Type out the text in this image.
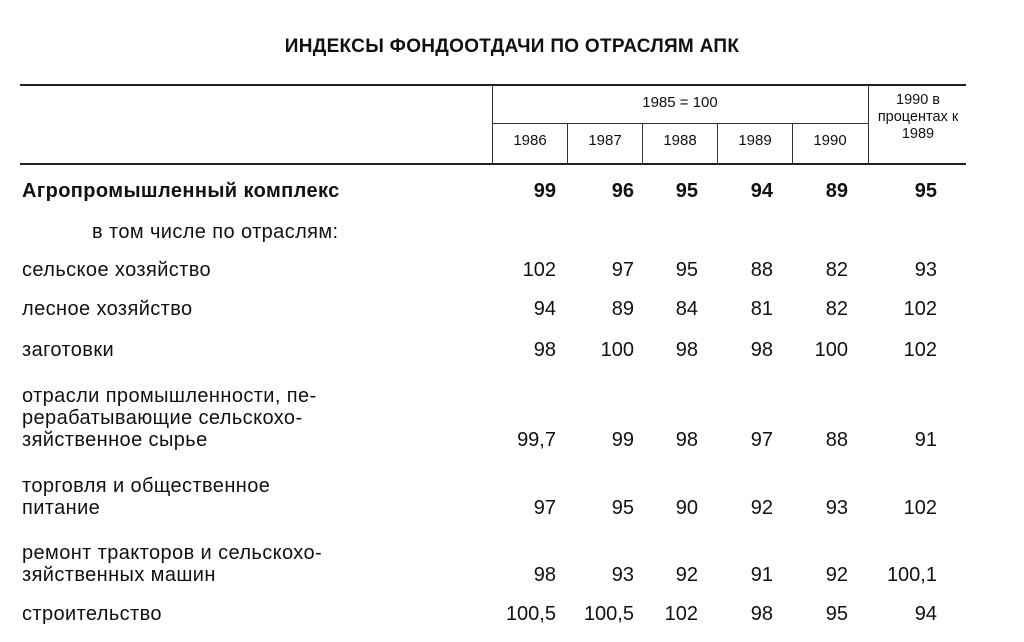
ИНДЕКСЫ ФОНДООТДАЧИ ПО ОТРАСЛЯМ АПК
1985 = 100
1986	1987	1988	1989	1990
1990 в процентах к 1989
Агропромышленный комплекс	99	96	95	94	89	95
в том числе по отраслям:
сельское хозяйство	102	97	95	88	82	93
лесное хозяйство	94	89	84	81	82	102
заготовки	98	100	98	98	100	102
отрасли промышленности, пе-
рерабатывающие сельскохо-
зяйственное сырье	99,7	99	98	97	88	91
торговля и общественное
питание	97	95	90	92	93	102
ремонт тракторов и сельскохо-
зяйственных машин	98	93	92	91	92	100,1
строительство	100,5	100,5	102	98	95	94
